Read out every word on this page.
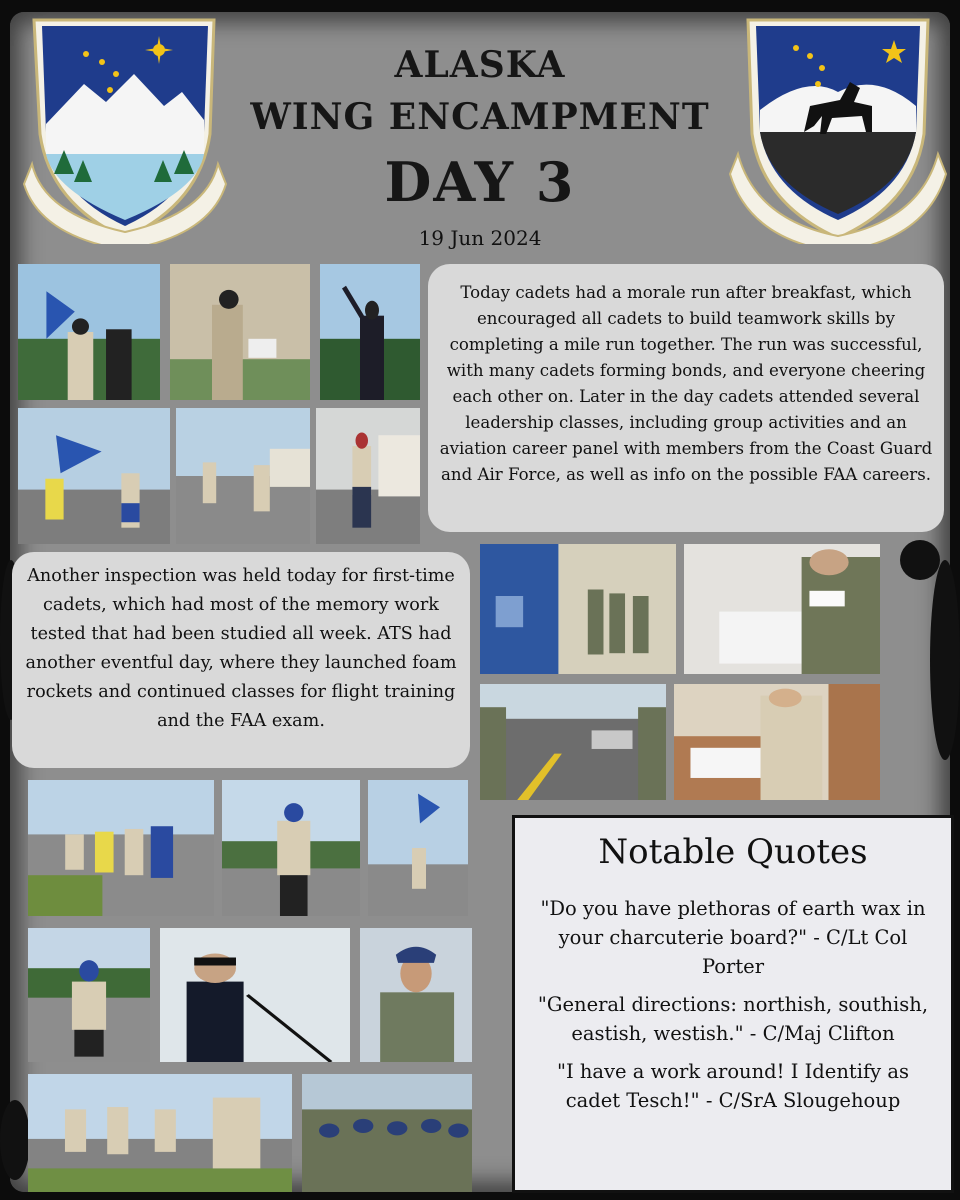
ALASKA
WING ENCAMPMENT
DAY 3
19 Jun 2024
Today cadets had a morale run after breakfast, which encouraged all cadets to build teamwork skills by completing a mile run together. The run was successful, with many cadets forming bonds, and everyone cheering each other on. Later in the day cadets attended several leadership classes, including group activities and an aviation career panel with members from the Coast Guard and Air Force, as well as info on the possible FAA careers.
Another inspection was held today for first-time cadets, which had most of the memory work tested that had been studied all week. ATS had another eventful day, where they launched foam rockets and continued classes for flight training and the FAA exam.
Notable Quotes
"Do you have plethoras of earth wax in your charcuterie board?" - C/Lt Col Porter
"General directions: northish, southish, eastish, westish." - C/Maj Clifton
"I have a work around! I Identify as cadet Tesch!" - C/SrA Slougehoup
